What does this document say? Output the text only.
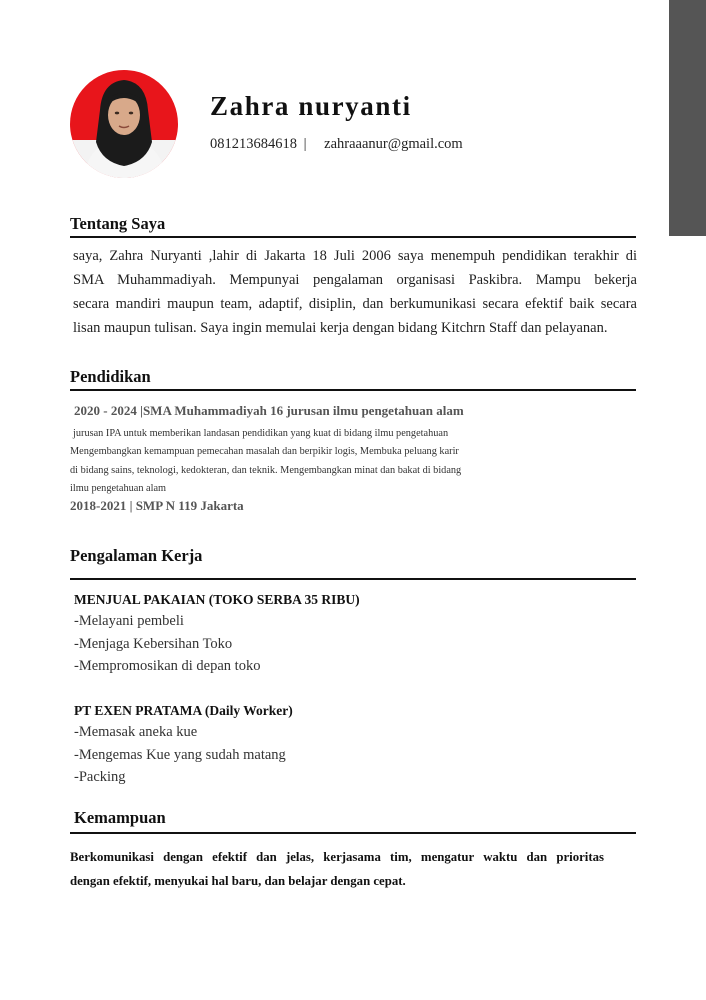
Zahra nuryanti
081213684618 | zahraaanur@gmail.com
Tentang Saya
saya, Zahra Nuryanti ,lahir di Jakarta 18 Juli 2006 saya menempuh pendidikan terakhir di
SMA Muhammadiyah. Mempunyai pengalaman organisasi Paskibra. Mampu bekerja
secara mandiri maupun team, adaptif, disiplin, dan berkumunikasi secara efektif baik secara
lisan maupun tulisan. Saya ingin memulai kerja dengan bidang Kitchrn Staff dan pelayanan.
Pendidikan
2020 - 2024 |SMA Muhammadiyah 16 jurusan ilmu pengetahuan alam
jurusan IPA untuk memberikan landasan pendidikan yang kuat di bidang ilmu pengetahuan
Mengembangkan kemampuan pemecahan masalah dan berpikir logis, Membuka peluang karir
di bidang sains, teknologi, kedokteran, dan teknik. Mengembangkan minat dan bakat di bidang
ilmu pengetahuan alam
2018-2021 | SMP N 119 Jakarta
Pengalaman Kerja
MENJUAL PAKAIAN (TOKO SERBA 35 RIBU)
-Melayani pembeli
-Menjaga Kebersihan Toko
-Mempromosikan di depan toko
PT EXEN PRATAMA (Daily Worker)
-Memasak aneka kue
-Mengemas Kue yang sudah matang
-Packing
Kemampuan
Berkomunikasi dengan efektif dan jelas, kerjasama tim, mengatur waktu dan prioritas
dengan efektif, menyukai hal baru, dan belajar dengan cepat.
